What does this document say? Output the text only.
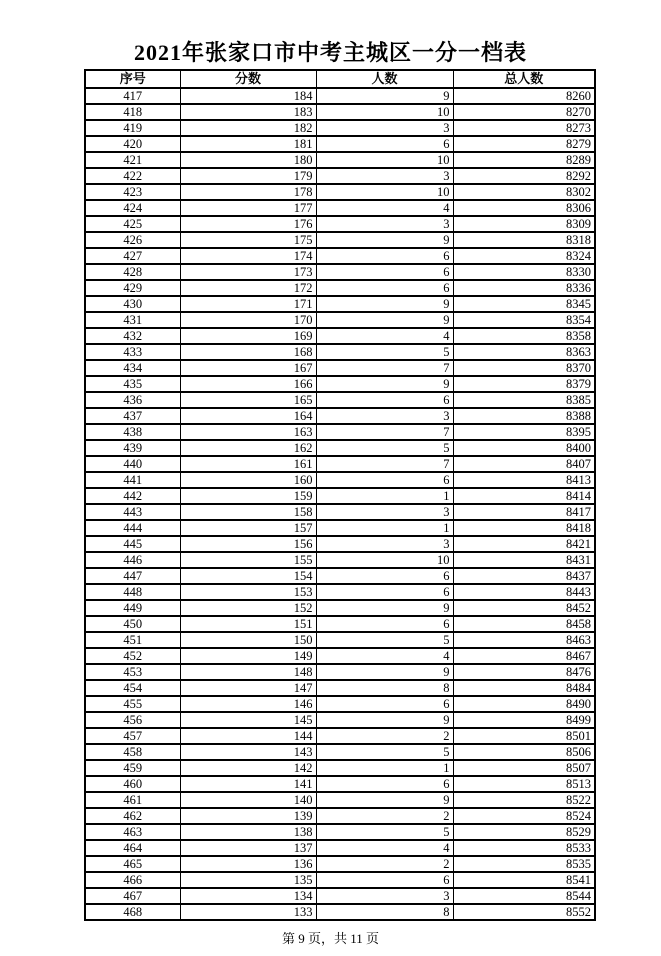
2021年张家口市中考主城区一分一档表
序号	分数	人数	总人数
417	184	9	8260
418	183	10	8270
419	182	3	8273
420	181	6	8279
421	180	10	8289
422	179	3	8292
423	178	10	8302
424	177	4	8306
425	176	3	8309
426	175	9	8318
427	174	6	8324
428	173	6	8330
429	172	6	8336
430	171	9	8345
431	170	9	8354
432	169	4	8358
433	168	5	8363
434	167	7	8370
435	166	9	8379
436	165	6	8385
437	164	3	8388
438	163	7	8395
439	162	5	8400
440	161	7	8407
441	160	6	8413
442	159	1	8414
443	158	3	8417
444	157	1	8418
445	156	3	8421
446	155	10	8431
447	154	6	8437
448	153	6	8443
449	152	9	8452
450	151	6	8458
451	150	5	8463
452	149	4	8467
453	148	9	8476
454	147	8	8484
455	146	6	8490
456	145	9	8499
457	144	2	8501
458	143	5	8506
459	142	1	8507
460	141	6	8513
461	140	9	8522
462	139	2	8524
463	138	5	8529
464	137	4	8533
465	136	2	8535
466	135	6	8541
467	134	3	8544
468	133	8	8552
第 9 页，共 11 页
